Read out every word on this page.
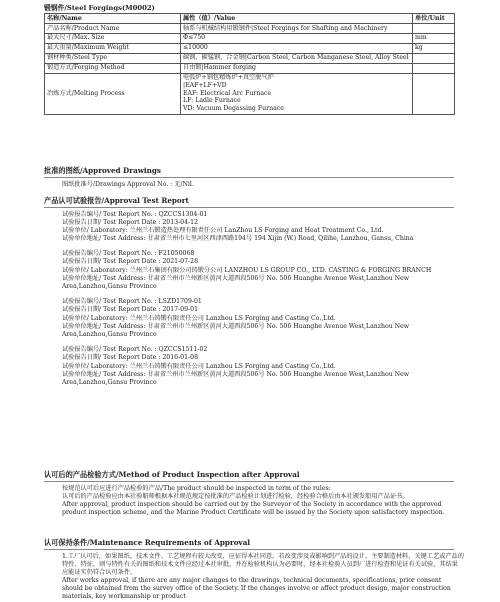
锻钢件/Steel Forgings(M0002)
名称/Name	属性（值）/Value	单位/Unit
产品名称/Product Name	轴系与机械结构用锻钢件|Steel Forgings for Shafting and Machinery	
最大尺寸/Max. Size	Φ≤750	mm
最大重量/Maximum Weight	≤10000	kg
钢材种类/Steel Type	碳钢、碳锰钢、合金钢|Carbon Steel, Carbon Manganese Steel, Alloy Steel	
锻造方式/Forging Method	自由锻|Hammer forging	
冶炼方式/Melting Process	电弧炉+钢包精炼炉+真空脱气炉
|EAF+LF+VD
EAF: Electrical Arc Furnace
LF: Ladle Furnace
VD: Vacuum Degassing Furnace	

批准的图纸/Approved Drawings
图纸批准号/Drawings Approval No. : 无/Nil.
产品认可试验报告/Approval Test Report

试验报告编号/ Test Report No. : QZCCS1304-01

试验报告日期/ Test Report Date : 2013-04-12

试验单位/ Laboratory: 兰州兰石锻造热处理有限责任公司 LanZhou LS Forging and Heat Treatment Co., Ltd.

试验单位地址/ Test Address: 甘肃省兰州市七里河区西津西路194号 194 Xijin (W.) Road, Qilihe, Lanzhou, Gansu, China

试验报告编号/ Test Report No. : F21050068

试验报告日期/ Test Report Date : 2021-07-28

试验单位/ Laboratory: 兰州兰石集团有限公司铸锻分公司 LANZHOU LS GROUP CO., LTD. CASTING & FORGING BRANCH

试验单位地址/ Test Address: 甘肃省兰州市兰州新区黄河大道西段506号 No. 506 Huanghe Avenue West,Lanzhou New Area,Lanzhou,Gansu Province

试验报告编号/ Test Report No. : LSZD1709-01

试验报告日期/ Test Report Date : 2017-09-01

试验单位/ Laboratory: 兰州兰石铸锻有限责任公司 Lanzhou LS Forging and Casting Co.,Ltd.

试验单位地址/ Test Address: 甘肃省兰州市兰州新区黄河大道西段506号 No. 506 Huanghe Avenue West,Lanzhou New Area,Lanzhou,Gansu Province

试验报告编号/ Test Report No. : QZCCS1511-02

试验报告日期/ Test Report Date : 2016-01-08

试验单位/ Laboratory: 兰州兰石铸锻有限责任公司 Lanzhou LS Forging and Casting Co.,Ltd.

试验单位地址/ Test Address: 甘肃省兰州市兰州新区黄河大道西段506号 No. 506 Huanghe Avenue West,Lanzhou New Area,Lanzhou,Gansu Province

认可后的产品检验方式/Method of Product Inspection after Approval

按规范认可后应进行产品检验的产品/The product should be inspected in term of the rules:

认可后的产品检验应由本社验船师根据本社规范规定按批准的产品检验计划进行检验，经检验合格后由本社颁发船用产品证书。

After approval, product inspection should be carried out by the Surveyor of the Society in accordance with the approved product inspection scheme, and the Marine Product Certificate will be issued by the Society upon satisfactory inspection.

认可保持条件/Maintenance Requirements of Approval

1.工厂认可后，如果图纸、技术文件、工艺规程有较大改变，应征得本社同意。若改变涉及或影响到产品的设计、主要制造材料、关键工艺或产品的特性、特征，则与特性有关的图纸和技术文件应经过本社审批，并在检验机构认为必要时，经本社检验人员到厂进行检查和见证有关试验，其结果应能证实仍符合认可条件。

After works approval, if there are any major changes to the drawings, technical documents, specifications, prior consent should be obtained from the survey office of the Society. If the changes involve or affect product design, major construction materials, key workmanship or product
